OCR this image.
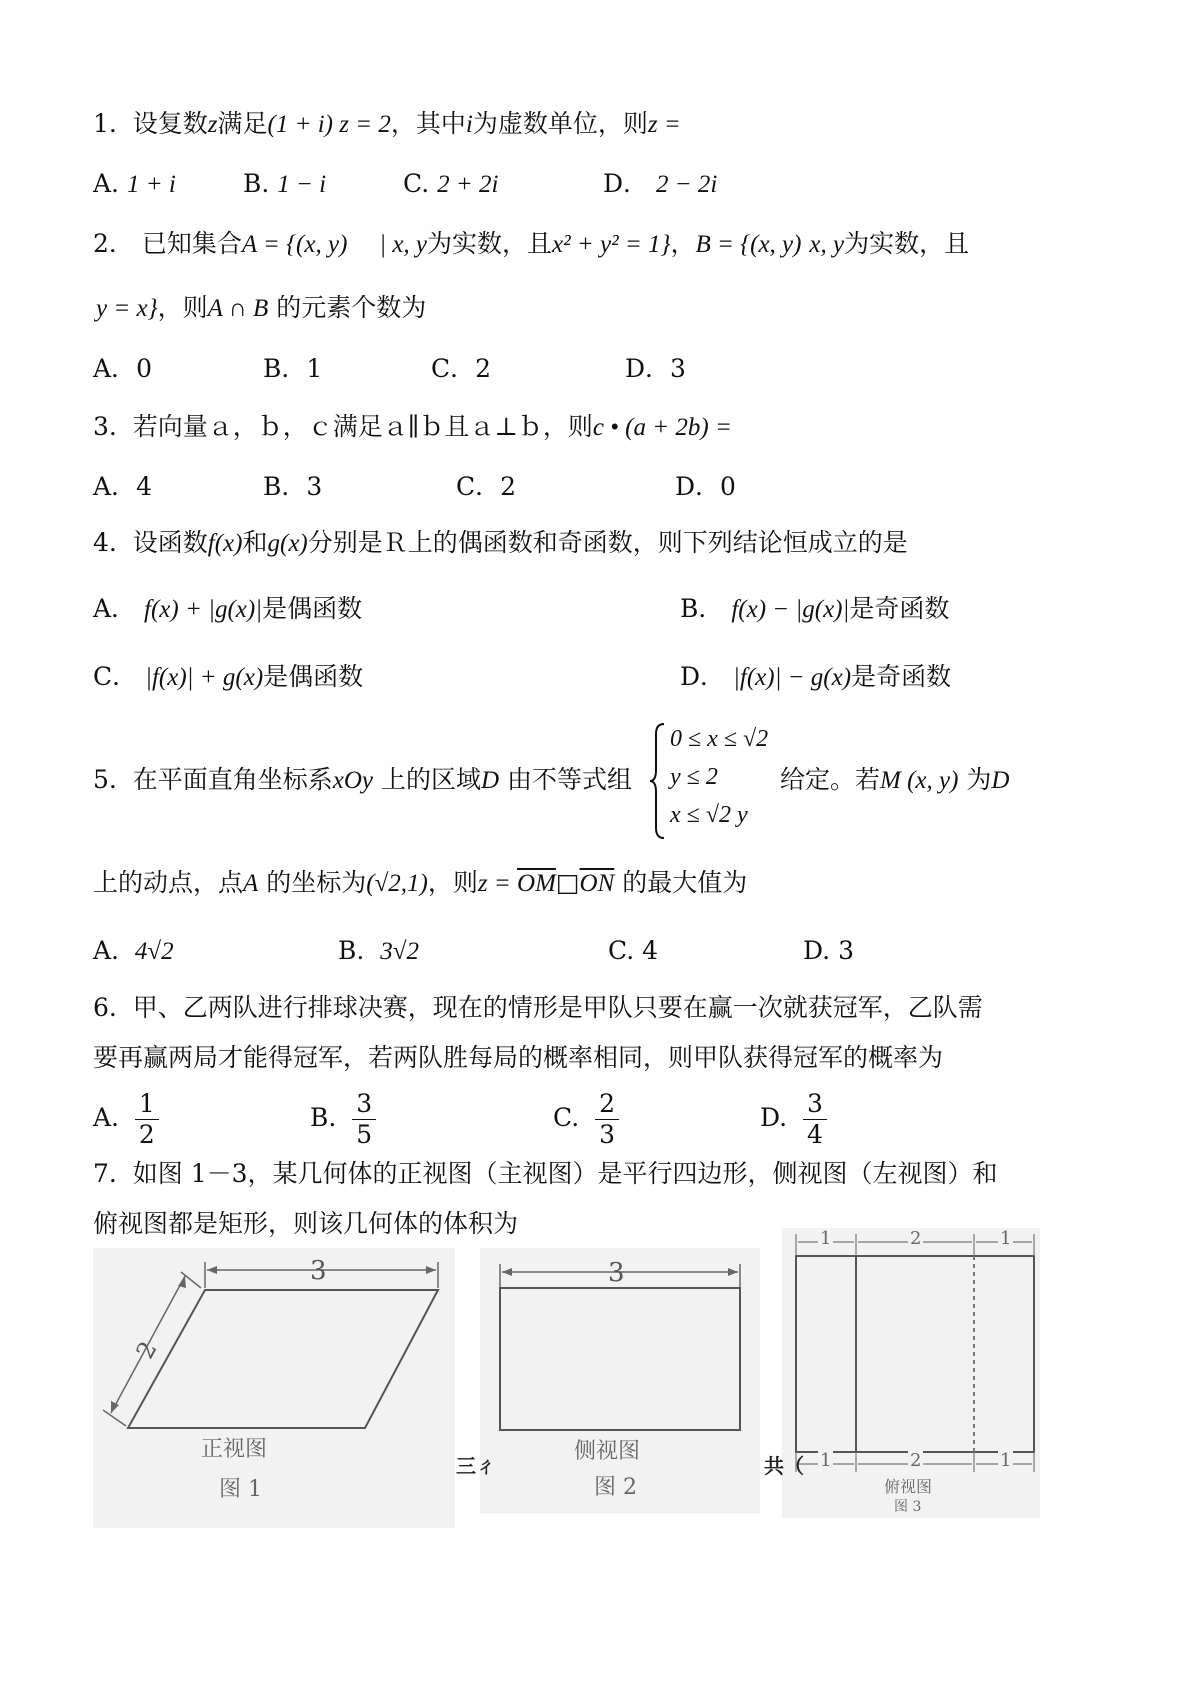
1. 设复数z满足(1 + i) z = 2，其中i为虚数单位，则z =
A. 1 + i	B. 1 − i	C. 2 + 2i	D． 2 − 2i
2． 已知集合A = {(x, y) | x, y为实数，且x² + y² = 1}，B = {(x, y) x, y为实数，且
y = x}，则A ∩ B 的元素个数为
A．0	B．1	C．2	D．3
3. 若向量ａ，ｂ，ｃ满足ａ∥ｂ且ａ⊥ｂ，则c • (a + 2b) =
A．4	B．3	C．2	D．0
4. 设函数f(x)和g(x)分别是Ｒ上的偶函数和奇函数，则下列结论恒成立的是
A． f(x) + |g(x)|是偶函数	B． f(x) − |g(x)|是奇函数
C． |f(x)| + g(x)是偶函数	D． |f(x)| − g(x)是奇函数
5. 在平面直角坐标系xOy 上的区域D 由不等式组
0 ≤ x ≤ √2
y ≤ 2
x ≤ √2 y
给定。若M (x, y) 为D
上的动点，点A 的坐标为(√2,1)，则$z = \overline{OM}□\overline{ON}$ 的最大值为
A. 4√2	B. 3√2	C. 4	D. 3
6. 甲、乙两队进行排球决赛，现在的情形是甲队只要在赢一次就获冠军，乙队需
要再赢两局才能得冠军，若两队胜每局的概率相同，则甲队获得冠军的概率为
A. $\frac{1}{2}$	B. $\frac{3}{5}$	C. $\frac{2}{3}$	D. $\frac{3}{4}$
7. 如图 1－3，某几何体的正视图（主视图）是平行四边形，侧视图（左视图）和
俯视图都是矩形，则该几何体的体积为
3
2
正视图
图 1
3
侧视图
图 2
1	2	1
1	2	1
俯视图
图 3
三ㄔ	共（
